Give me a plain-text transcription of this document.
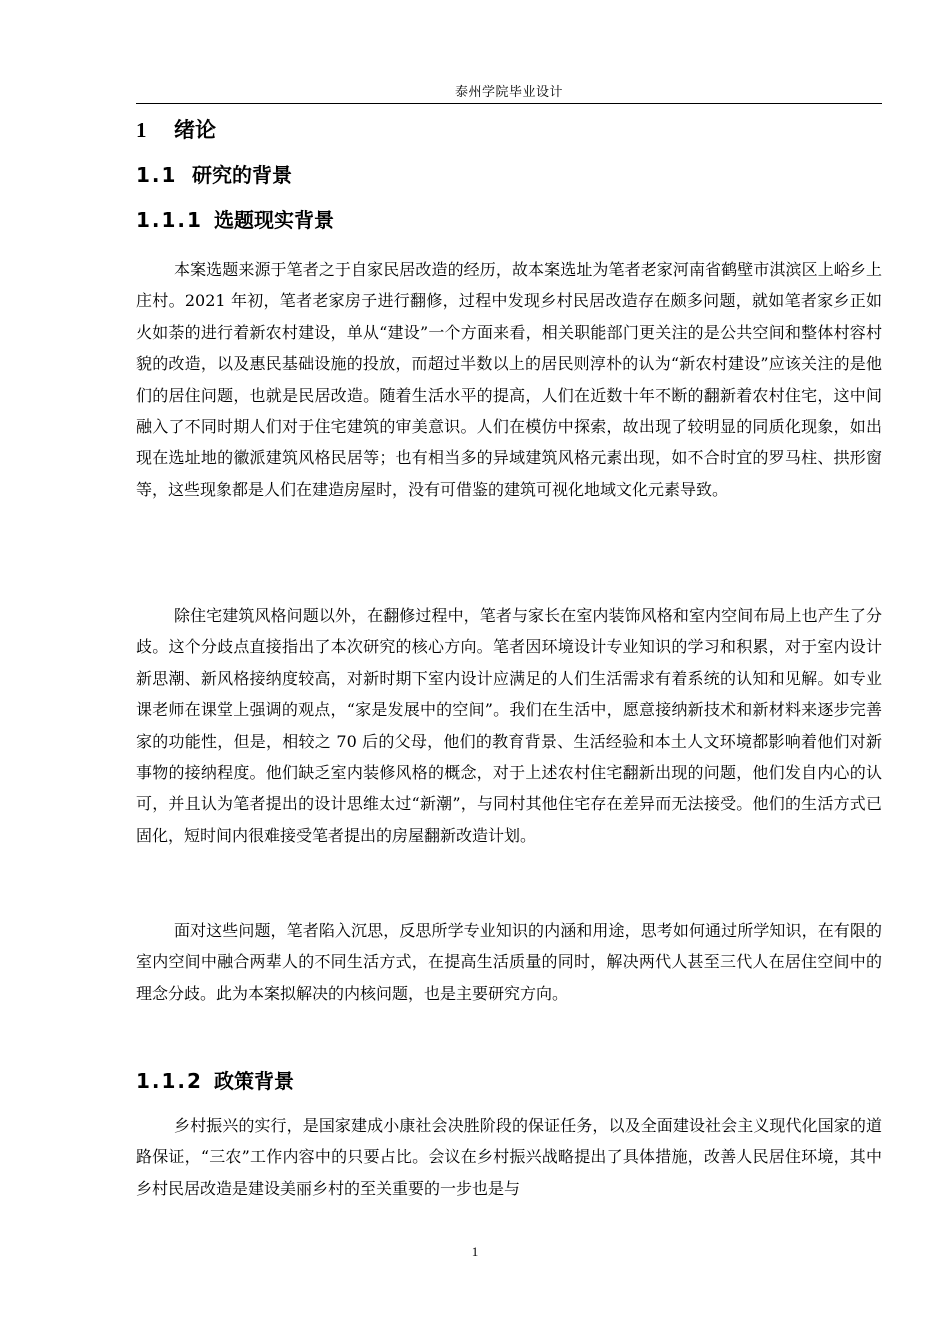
泰州学院毕业设计
1 绪论
1.1 研究的背景
1.1.1 选题现实背景

本案选题来源于笔者之于自家民居改造的经历，故本案选址为笔者老家河南省鹤壁市淇滨区上峪乡上庄村。2021 年初，笔者老家房子进行翻修，过程中发现乡村民居改造存在颇多问题，就如笔者家乡正如火如荼的进行着新农村建设，单从“建设”一个方面来看，相关职能部门更关注的是公共空间和整体村容村貌的改造，以及惠民基础设施的投放，而超过半数以上的居民则淳朴的认为“新农村建设”应该关注的是他们的居住问题，也就是民居改造。随着生活水平的提高，人们在近数十年不断的翻新着农村住宅，这中间融入了不同时期人们对于住宅建筑的审美意识。人们在模仿中探索，故出现了较明显的同质化现象，如出现在选址地的徽派建筑风格民居等；也有相当多的异域建筑风格元素出现，如不合时宜的罗马柱、拱形窗等，这些现象都是人们在建造房屋时，没有可借鉴的建筑可视化地域文化元素导致。

除住宅建筑风格问题以外，在翻修过程中，笔者与家长在室内装饰风格和室内空间布局上也产生了分歧。这个分歧点直接指出了本次研究的核心方向。笔者因环境设计专业知识的学习和积累，对于室内设计新思潮、新风格接纳度较高，对新时期下室内设计应满足的人们生活需求有着系统的认知和见解。如专业课老师在课堂上强调的观点，“家是发展中的空间”。我们在生活中，愿意接纳新技术和新材料来逐步完善家的功能性，但是，相较之 70 后的父母，他们的教育背景、生活经验和本土人文环境都影响着他们对新事物的接纳程度。他们缺乏室内装修风格的概念，对于上述农村住宅翻新出现的问题，他们发自内心的认可，并且认为笔者提出的设计思维太过“新潮”，与同村其他住宅存在差异而无法接受。他们的生活方式已固化，短时间内很难接受笔者提出的房屋翻新改造计划。

面对这些问题，笔者陷入沉思，反思所学专业知识的内涵和用途，思考如何通过所学知识，在有限的室内空间中融合两辈人的不同生活方式，在提高生活质量的同时，解决两代人甚至三代人在居住空间中的理念分歧。此为本案拟解决的内核问题，也是主要研究方向。

1.1.2 政策背景

乡村振兴的实行，是国家建成小康社会决胜阶段的保证任务，以及全面建设社会主义现代化国家的道路保证，“三农”工作内容中的只要占比。会议在乡村振兴战略提出了具体措施，改善人民居住环境，其中乡村民居改造是建设美丽乡村的至关重要的一步也是与

1
